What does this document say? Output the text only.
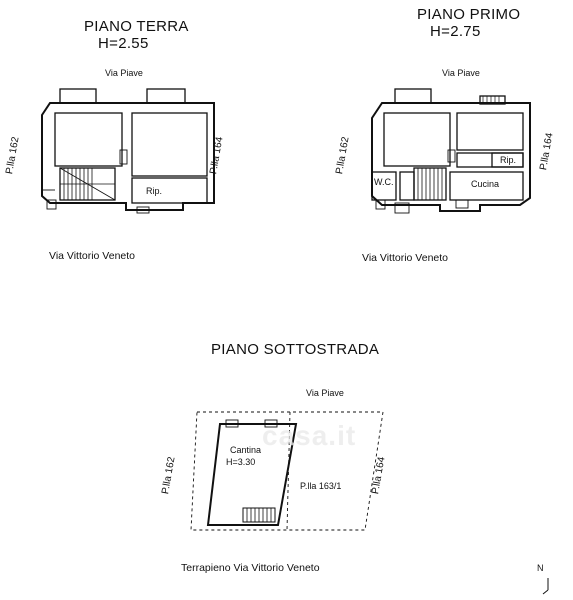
casa.it
PIANO TERRA
H=2.55
Via Piave
Via Vittorio Veneto
P.lla 162	P.lla 164
Rip.
PIANO PRIMO
H=2.75
Via Piave
Via Vittorio Veneto
P.lla 162	P.lla 164
W.C.
Rip.
Cucina
PIANO SOTTOSTRADA
Via Piave
Terrapieno Via Vittorio Veneto
P.lla 162	P.lla 164
Cantina
H=3.30
P.lla 163/1
N
